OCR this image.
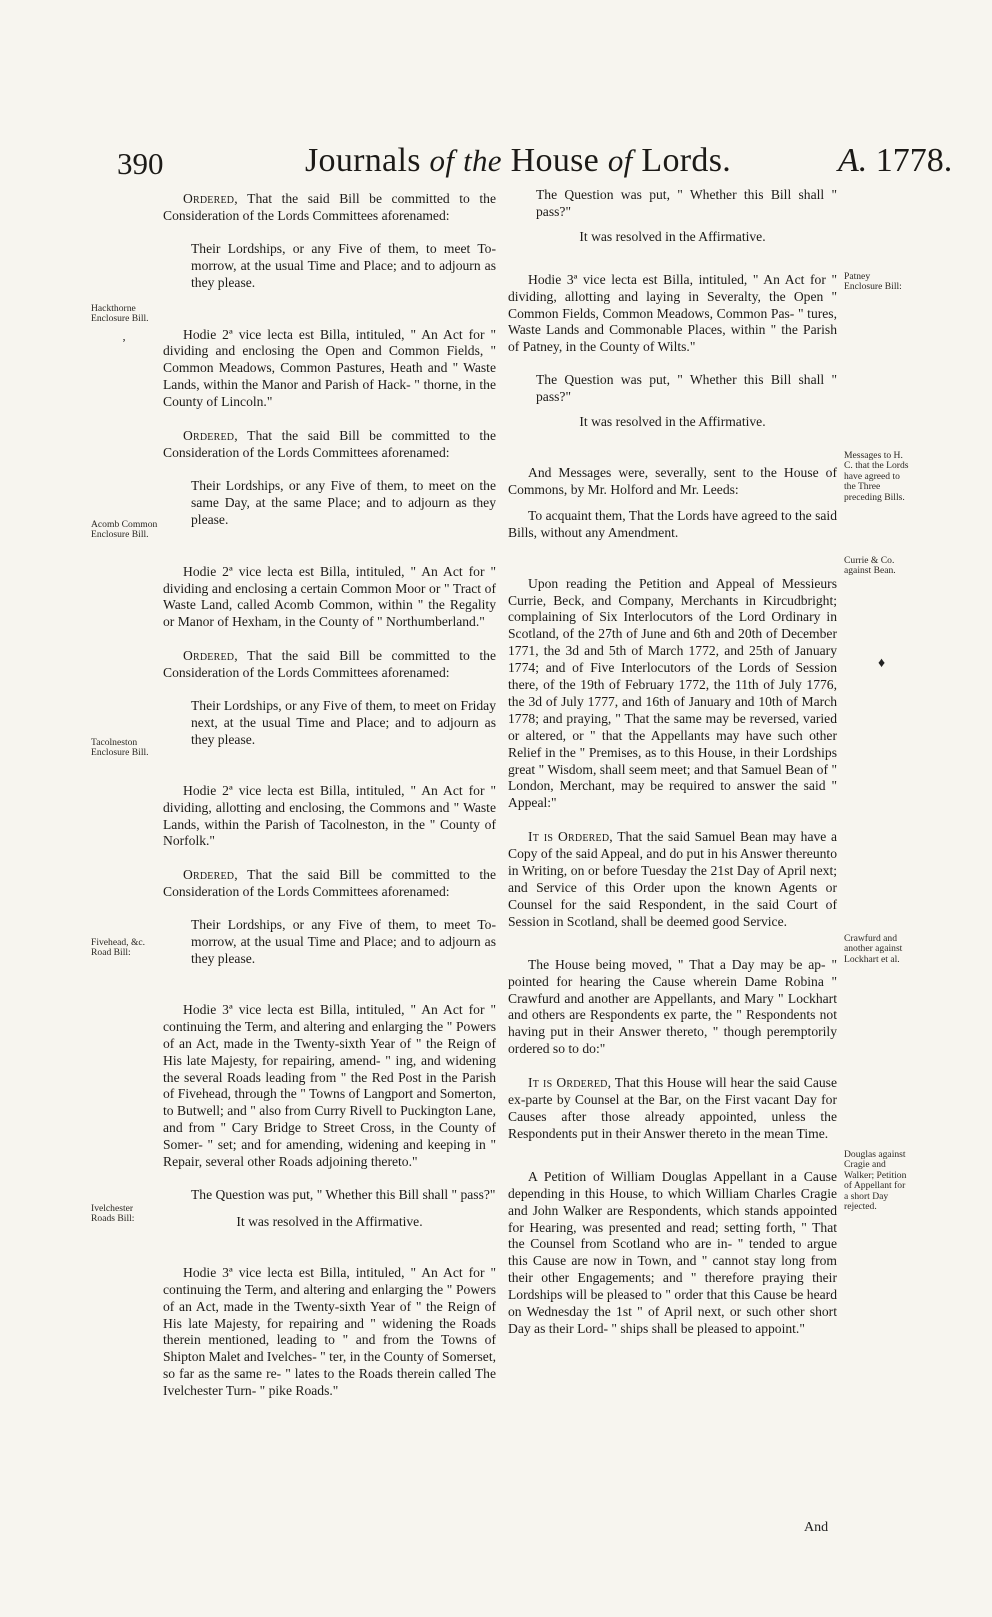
390	Journals of the House of Lords.	A. 1778.

Ordered, That the said Bill be committed to the Consideration of the Lords Committees aforenamed:

Their Lordships, or any Five of them, to meet To-morrow, at the usual Time and Place; and to adjourn as they please.

Hodie 2ª vice lecta est Billa, intituled, " An Act for " dividing and enclosing the Open and Common Fields, " Common Meadows, Common Pastures, Heath and " Waste Lands, within the Manor and Parish of Hack- " thorne, in the County of Lincoln."

Ordered, That the said Bill be committed to the Consideration of the Lords Committees aforenamed:

Their Lordships, or any Five of them, to meet on the same Day, at the same Place; and to adjourn as they please.

Hodie 2ª vice lecta est Billa, intituled, " An Act for " dividing and enclosing a certain Common Moor or " Tract of Waste Land, called Acomb Common, within " the Regality or Manor of Hexham, in the County of " Northumberland."

Ordered, That the said Bill be committed to the Consideration of the Lords Committees aforenamed:

Their Lordships, or any Five of them, to meet on Friday next, at the usual Time and Place; and to adjourn as they please.

Hodie 2ª vice lecta est Billa, intituled, " An Act for " dividing, allotting and enclosing, the Commons and " Waste Lands, within the Parish of Tacolneston, in the " County of Norfolk."

Ordered, That the said Bill be committed to the Consideration of the Lords Committees aforenamed:

Their Lordships, or any Five of them, to meet To-morrow, at the usual Time and Place; and to adjourn as they please.

Hodie 3ª vice lecta est Billa, intituled, " An Act for " continuing the Term, and altering and enlarging the " Powers of an Act, made in the Twenty-sixth Year of " the Reign of His late Majesty, for repairing, amend- " ing, and widening the several Roads leading from " the Red Post in the Parish of Fivehead, through the " Towns of Langport and Somerton, to Butwell; and " also from Curry Rivell to Puckington Lane, and from " Cary Bridge to Street Cross, in the County of Somer- " set; and for amending, widening and keeping in " Repair, several other Roads adjoining thereto."

The Question was put, " Whether this Bill shall " pass?"

It was resolved in the Affirmative.

Hodie 3ª vice lecta est Billa, intituled, " An Act for " continuing the Term, and altering and enlarging the " Powers of an Act, made in the Twenty-sixth Year of " the Reign of His late Majesty, for repairing and " widening the Roads therein mentioned, leading to " and from the Towns of Shipton Malet and Ivelches- " ter, in the County of Somerset, so far as the same re- " lates to the Roads therein called The Ivelchester Turn- " pike Roads."

The Question was put, " Whether this Bill shall " pass?"

It was resolved in the Affirmative.

Hodie 3ª vice lecta est Billa, intituled, " An Act for " dividing, allotting and laying in Severalty, the Open " Common Fields, Common Meadows, Common Pas- " tures, Waste Lands and Commonable Places, within " the Parish of Patney, in the County of Wilts."

The Question was put, " Whether this Bill shall " pass?"

It was resolved in the Affirmative.

And Messages were, severally, sent to the House of Commons, by Mr. Holford and Mr. Leeds:

To acquaint them, That the Lords have agreed to the said Bills, without any Amendment.

Upon reading the Petition and Appeal of Messieurs Currie, Beck, and Company, Merchants in Kircudbright; complaining of Six Interlocutors of the Lord Ordinary in Scotland, of the 27th of June and 6th and 20th of December 1771, the 3d and 5th of March 1772, and 25th of January 1774; and of Five Interlocutors of the Lords of Session there, of the 19th of February 1772, the 11th of July 1776, the 3d of July 1777, and 16th of January and 10th of March 1778; and praying, " That the same may be reversed, varied or altered, or " that the Appellants may have such other Relief in the " Premises, as to this House, in their Lordships great " Wisdom, shall seem meet; and that Samuel Bean of " London, Merchant, may be required to answer the said " Appeal:"

It is Ordered, That the said Samuel Bean may have a Copy of the said Appeal, and do put in his Answer thereunto in Writing, on or before Tuesday the 21st Day of April next; and Service of this Order upon the known Agents or Counsel for the said Respondent, in the said Court of Session in Scotland, shall be deemed good Service.

The House being moved, " That a Day may be ap- " pointed for hearing the Cause wherein Dame Robina " Crawfurd and another are Appellants, and Mary " Lockhart and others are Respondents ex parte, the " Respondents not having put in their Answer thereto, " though peremptorily ordered so to do:"

It is Ordered, That this House will hear the said Cause ex-parte by Counsel at the Bar, on the First vacant Day for Causes after those already appointed, unless the Respondents put in their Answer thereto in the mean Time.

A Petition of William Douglas Appellant in a Cause depending in this House, to which William Charles Cragie and John Walker are Respondents, which stands appointed for Hearing, was presented and read; setting forth, " That the Counsel from Scotland who are in- " tended to argue this Cause are now in Town, and " cannot stay long from their other Engagements; and " therefore praying their Lordships will be pleased to " order that this Cause be heard on Wednesday the 1st " of April next, or such other short Day as their Lord- " ships shall be pleased to appoint."

And
Hackthorne Enclosure Bill.
Acomb Common Enclosure Bill.
Tacolneston Enclosure Bill.
Fivehead, &c. Road Bill:
Ivelchester Roads Bill:
Patney Enclosure Bill:
Messages to H. C. that the Lords have agreed to the Three preceding Bills.
Currie & Co. against Bean.
Crawfurd and another against Lockhart et al.
Douglas against Cragie and Walker; Petition of Appellant for a short Day rejected.
ʼ
♦
